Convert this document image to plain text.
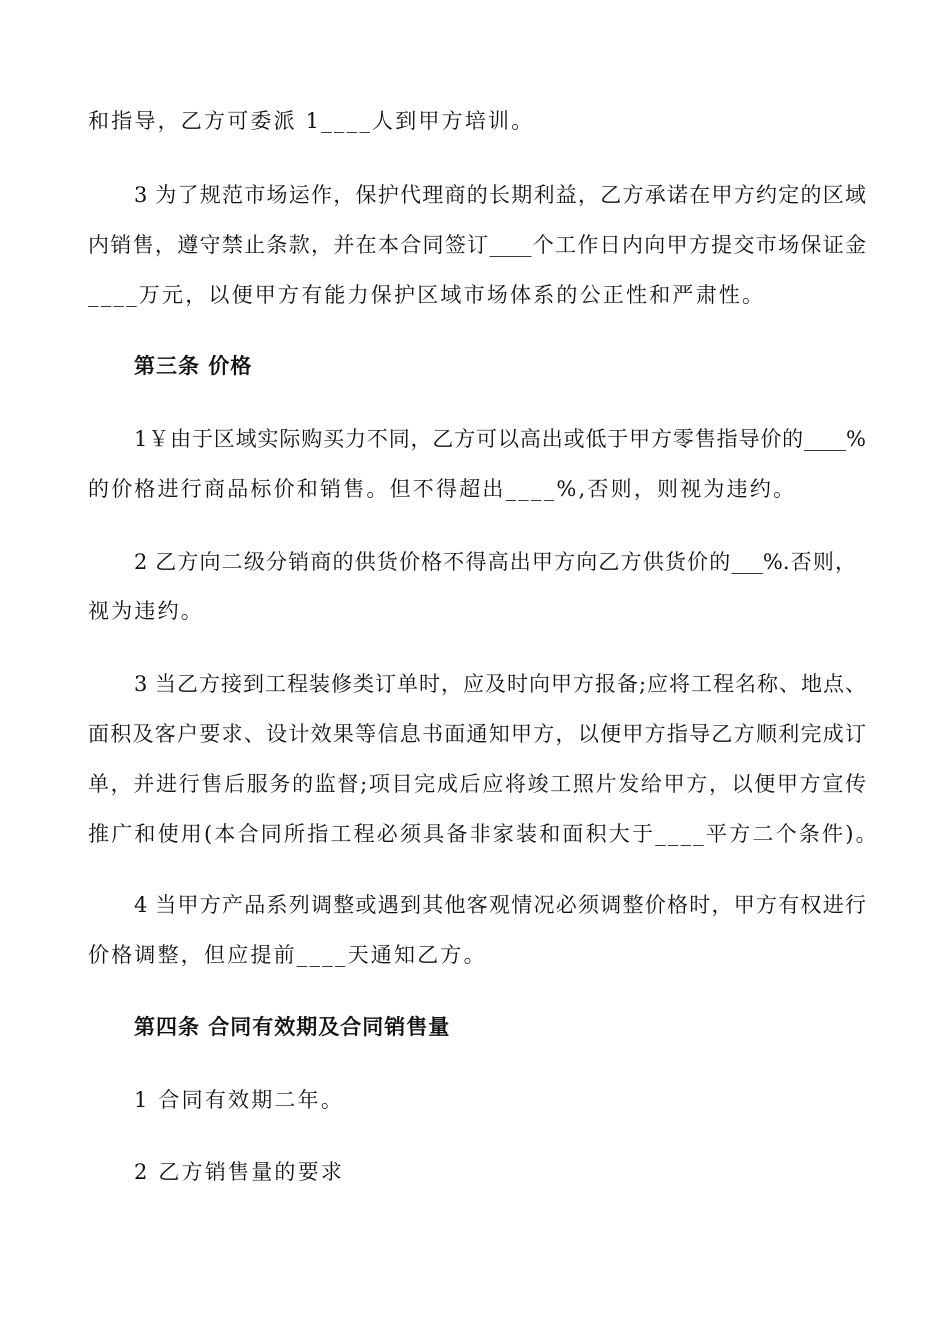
和指导，乙方可委派 1____人到甲方培训。
3 为了规范市场运作，保护代理商的长期利益，乙方承诺在甲方约定的区域
内销售，遵守禁止条款，并在本合同签订____个工作日内向甲方提交市场保证金
____万元，以便甲方有能力保护区域市场体系的公正性和严肃性。
第三条 价格
1￥由于区域实际购买力不同，乙方可以高出或低于甲方零售指导价的____%
的价格进行商品标价和销售。但不得超出____%,否则，则视为违约。
2 乙方向二级分销商的供货价格不得高出甲方向乙方供货价的___%.否则，
视为违约。
3 当乙方接到工程装修类订单时，应及时向甲方报备;应将工程名称、地点、
面积及客户要求、设计效果等信息书面通知甲方，以便甲方指导乙方顺利完成订
单，并进行售后服务的监督;项目完成后应将竣工照片发给甲方，以便甲方宣传
推广和使用(本合同所指工程必须具备非家装和面积大于____平方二个条件)。
4 当甲方产品系列调整或遇到其他客观情况必须调整价格时，甲方有权进行
价格调整，但应提前____天通知乙方。
第四条 合同有效期及合同销售量
1 合同有效期二年。
2 乙方销售量的要求
